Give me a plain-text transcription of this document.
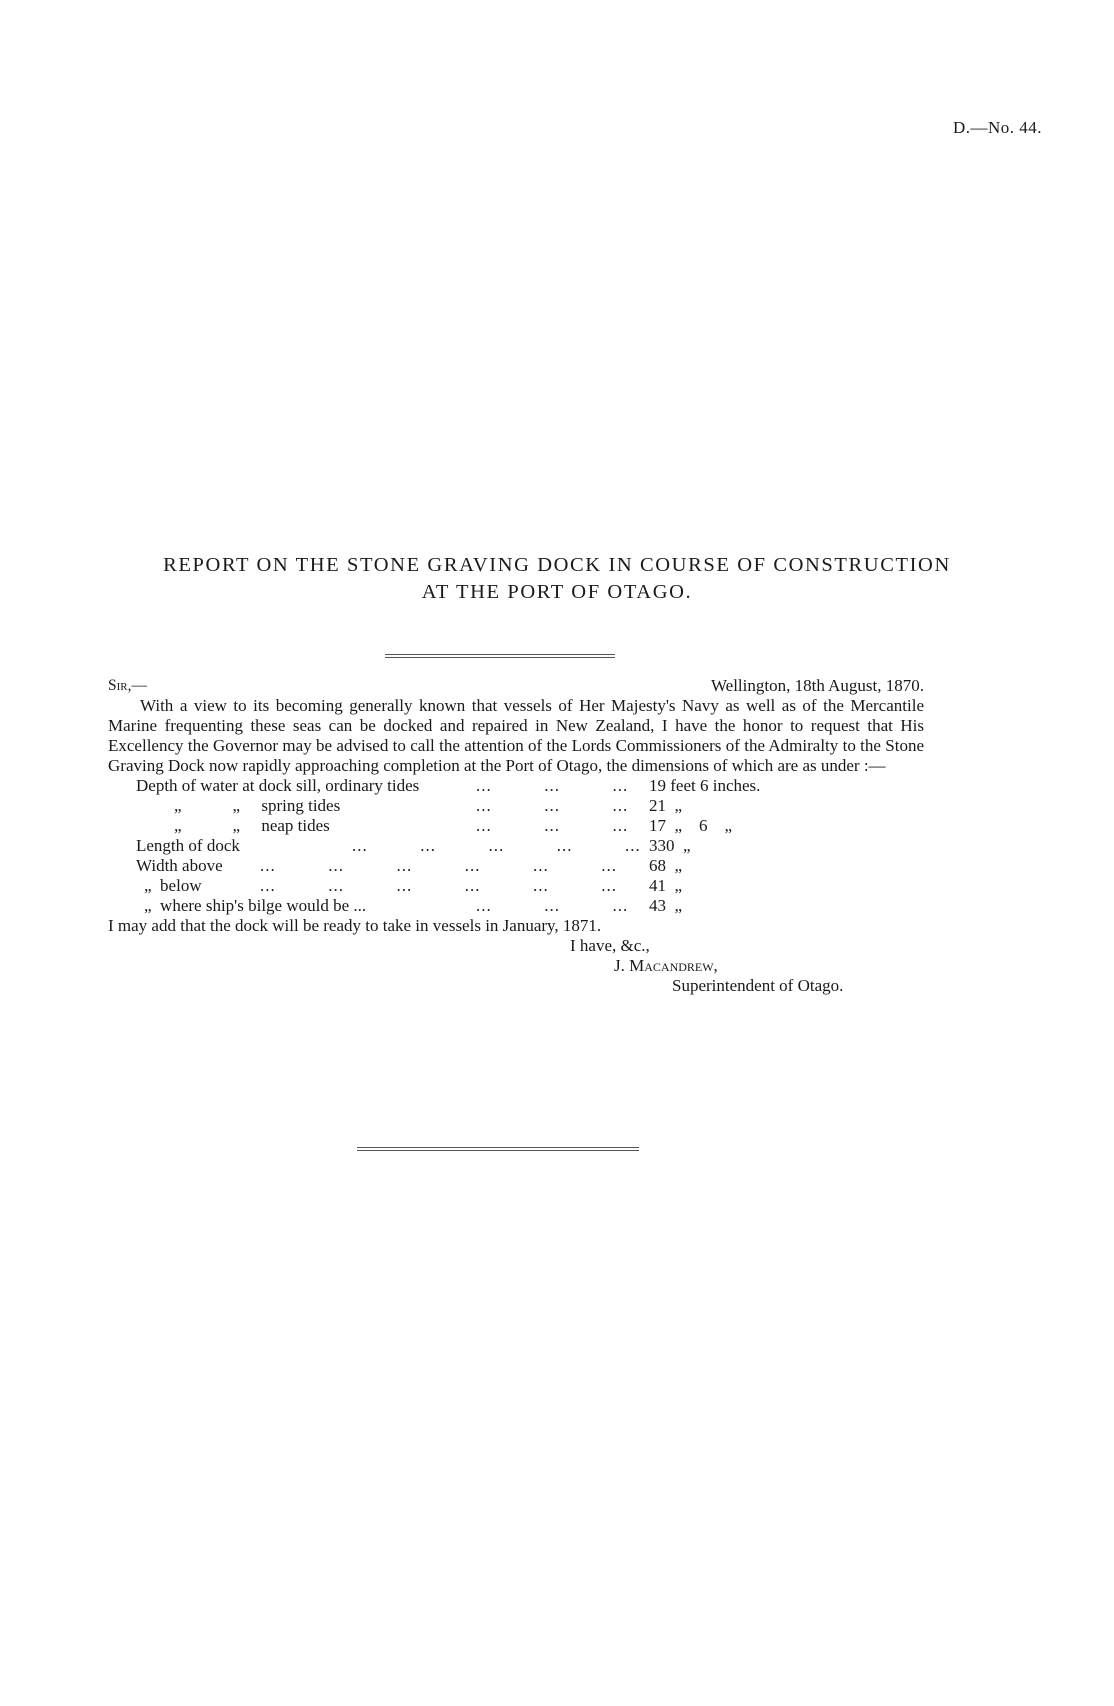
D.—No. 44.
REPORT ON THE STONE GRAVING DOCK IN COURSE OF CONSTRUCTION
AT THE PORT OF OTAGO.
Sir,—	Wellington, 18th August, 1870.
With a view to its becoming generally known that vessels of Her Majesty's Navy as well as of the Mercantile Marine frequenting these seas can be docked and repaired in New Zealand, I have the honor to request that His Excellency the Governor may be advised to call the attention of the Lords Commissioners of the Admiralty to the Stone Graving Dock now rapidly approaching completion at the Port of Otago, the dimensions of which are as under :—
Depth of water at dock sill, ordinary tides	...          ...          ... 19 feet 6 inches.
„            „     spring tides	...          ...          ... 21  „
„            „     neap tides	...          ...          ... 17  „    6    „
Length of dock	...          ...          ...          ...          ... 330  „
Width above ...          ...          ...          ...          ...          ... 68  „
„  below	...          ...          ...          ...          ...          ... 41  „
„  where ship's bilge would be ...	...          ...          ... 43  „
I may add that the dock will be ready to take in vessels in January, 1871.
I have, &c.,
J. Macandrew,
Superintendent of Otago.
